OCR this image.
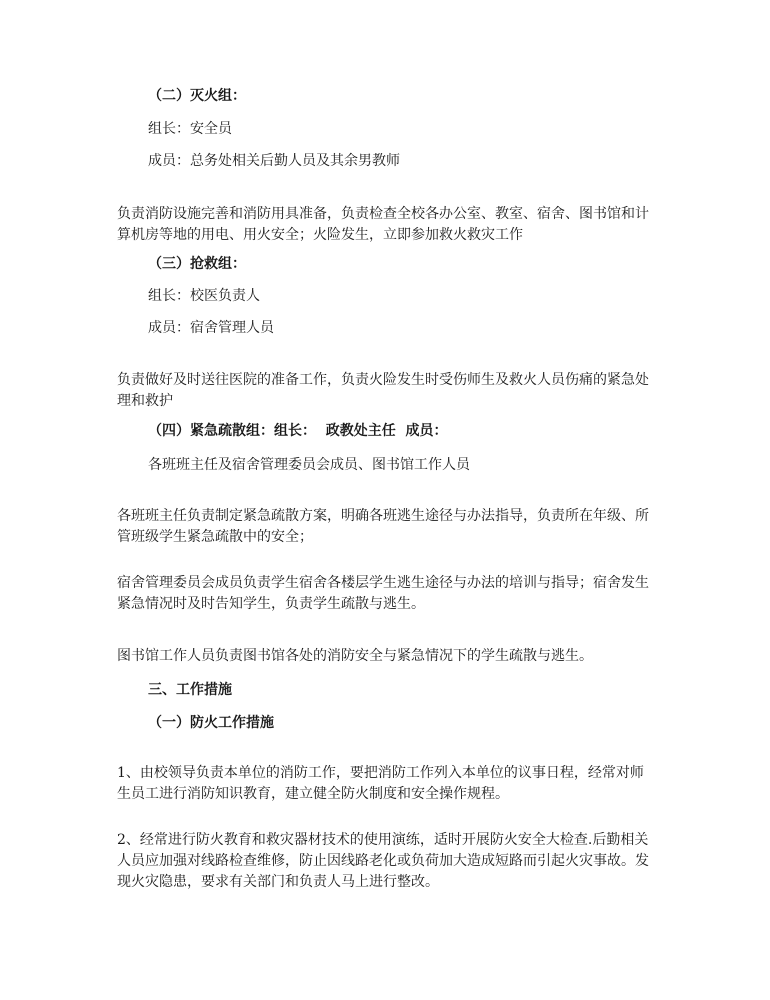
（二）灭火组：
组长：安全员
成员：总务处相关后勤人员及其余男教师
负责消防设施完善和消防用具准备，负责检查全校各办公室、教室、宿舍、图书馆和计算机房等地的用电、用火安全；火险发生，立即参加救火救灾工作
（三）抢救组：
组长：校医负责人
成员：宿舍管理人员
负责做好及时送往医院的准备工作，负责火险发生时受伤师生及救火人员伤痛的紧急处理和救护
（四）紧急疏散组：组长：  政教处主任  成员：
各班班主任及宿舍管理委员会成员、图书馆工作人员
各班班主任负责制定紧急疏散方案，明确各班逃生途径与办法指导，负责所在年级、所管班级学生紧急疏散中的安全；
宿舍管理委员会成员负责学生宿舍各楼层学生逃生途径与办法的培训与指导；宿舍发生紧急情况时及时告知学生，负责学生疏散与逃生。
图书馆工作人员负责图书馆各处的消防安全与紧急情况下的学生疏散与逃生。
三、工作措施
（一）防火工作措施
1、由校领导负责本单位的消防工作，要把消防工作列入本单位的议事日程，经常对师生员工进行消防知识教育，建立健全防火制度和安全操作规程。
2、经常进行防火教育和救灾器材技术的使用演练，适时开展防火安全大检查.后勤相关人员应加强对线路检查维修，防止因线路老化或负荷加大造成短路而引起火灾事故。发现火灾隐患，要求有关部门和负责人马上进行整改。
